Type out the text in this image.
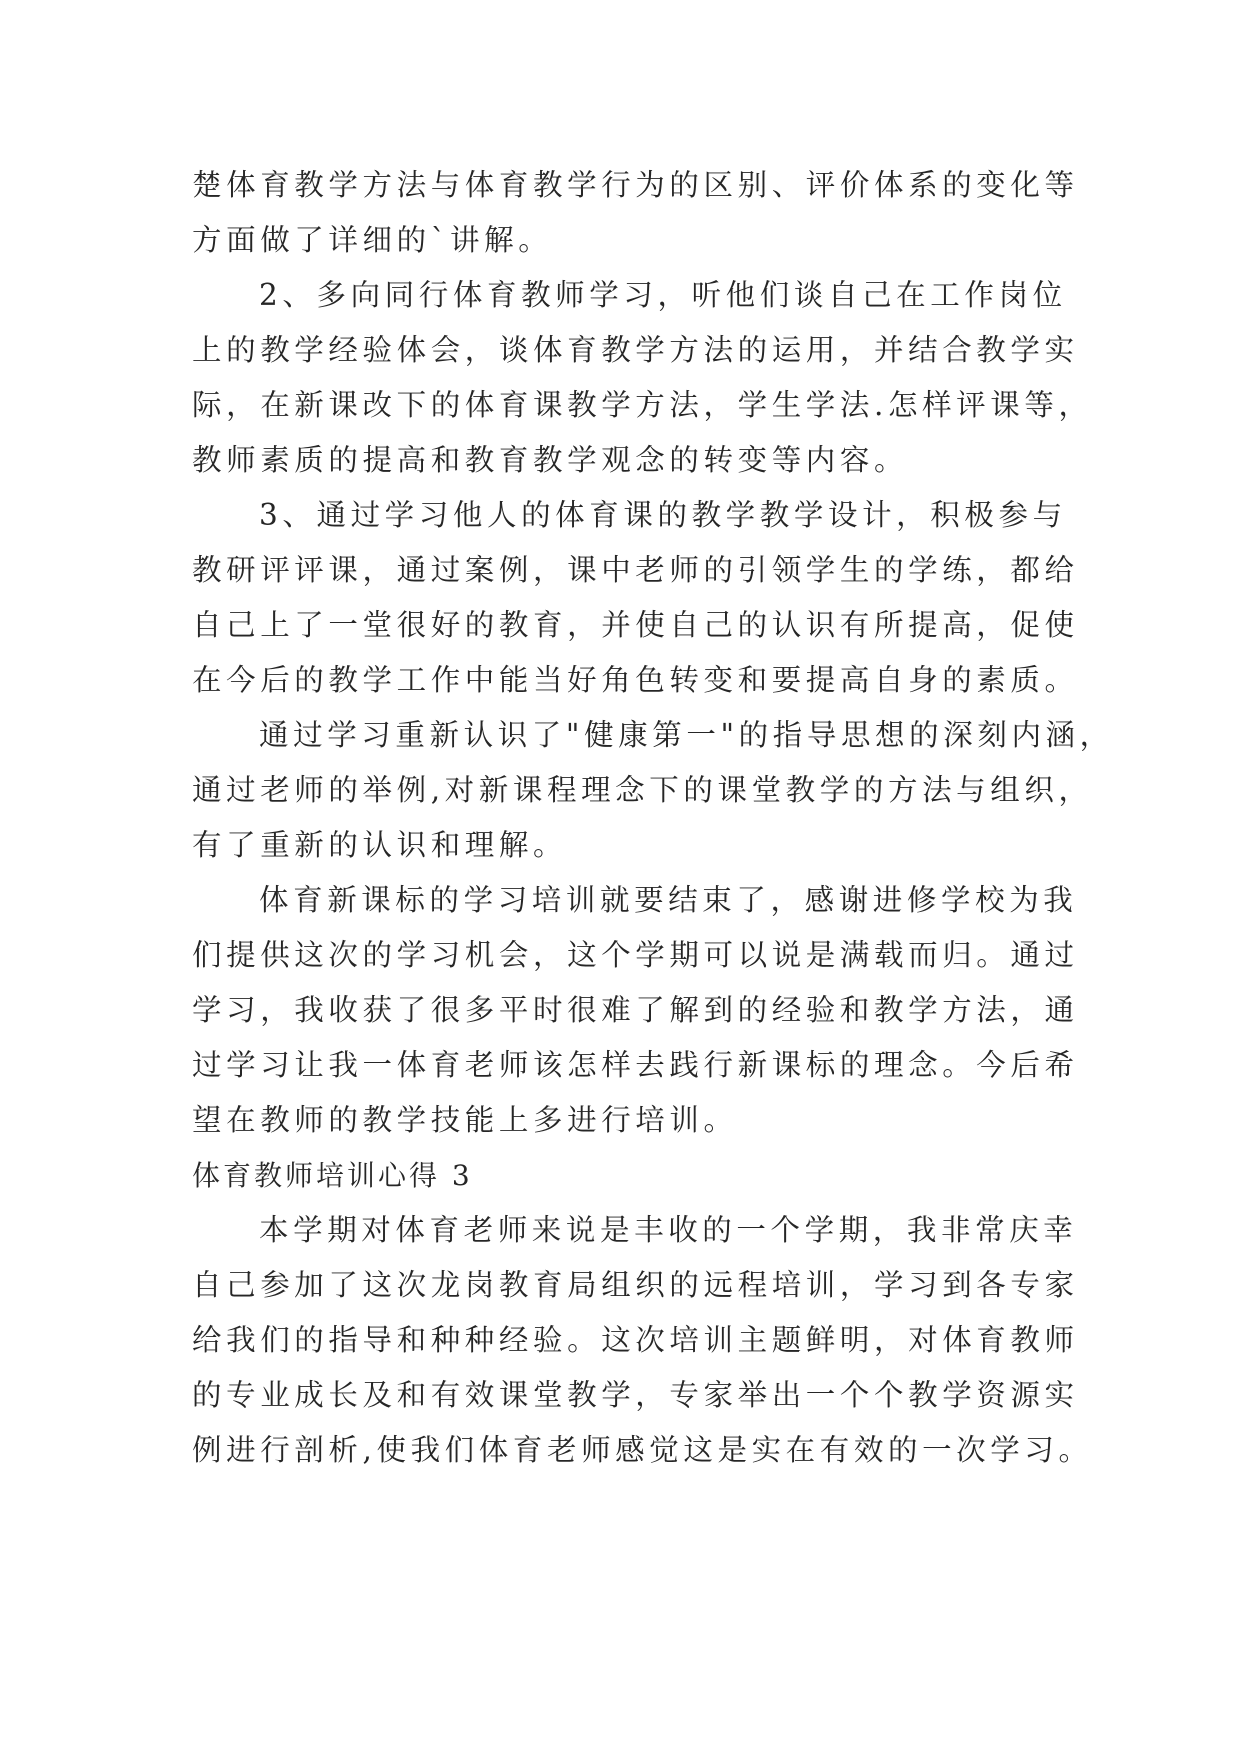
楚体育教学方法与体育教学行为的区别、评价体系的变化等
方面做了详细的`讲解。
2、多向同行体育教师学习，听他们谈自己在工作岗位
上的教学经验体会，谈体育教学方法的运用，并结合教学实
际，在新课改下的体育课教学方法，学生学法.怎样评课等，
教师素质的提高和教育教学观念的转变等内容。
3、通过学习他人的体育课的教学教学设计，积极参与
教研评评课，通过案例，课中老师的引领学生的学练，都给
自己上了一堂很好的教育，并使自己的认识有所提高，促使
在今后的教学工作中能当好角色转变和要提高自身的素质。
通过学习重新认识了"健康第一"的指导思想的深刻内涵，
通过老师的举例,对新课程理念下的课堂教学的方法与组织，
有了重新的认识和理解。
体育新课标的学习培训就要结束了，感谢进修学校为我
们提供这次的学习机会，这个学期可以说是满载而归。通过
学习，我收获了很多平时很难了解到的经验和教学方法，通
过学习让我一体育老师该怎样去践行新课标的理念。今后希
望在教师的教学技能上多进行培训。
体育教师培训心得 3
本学期对体育老师来说是丰收的一个学期，我非常庆幸
自己参加了这次龙岗教育局组织的远程培训，学习到各专家
给我们的指导和种种经验。这次培训主题鲜明，对体育教师
的专业成长及和有效课堂教学，专家举出一个个教学资源实
例进行剖析,使我们体育老师感觉这是实在有效的一次学习。
